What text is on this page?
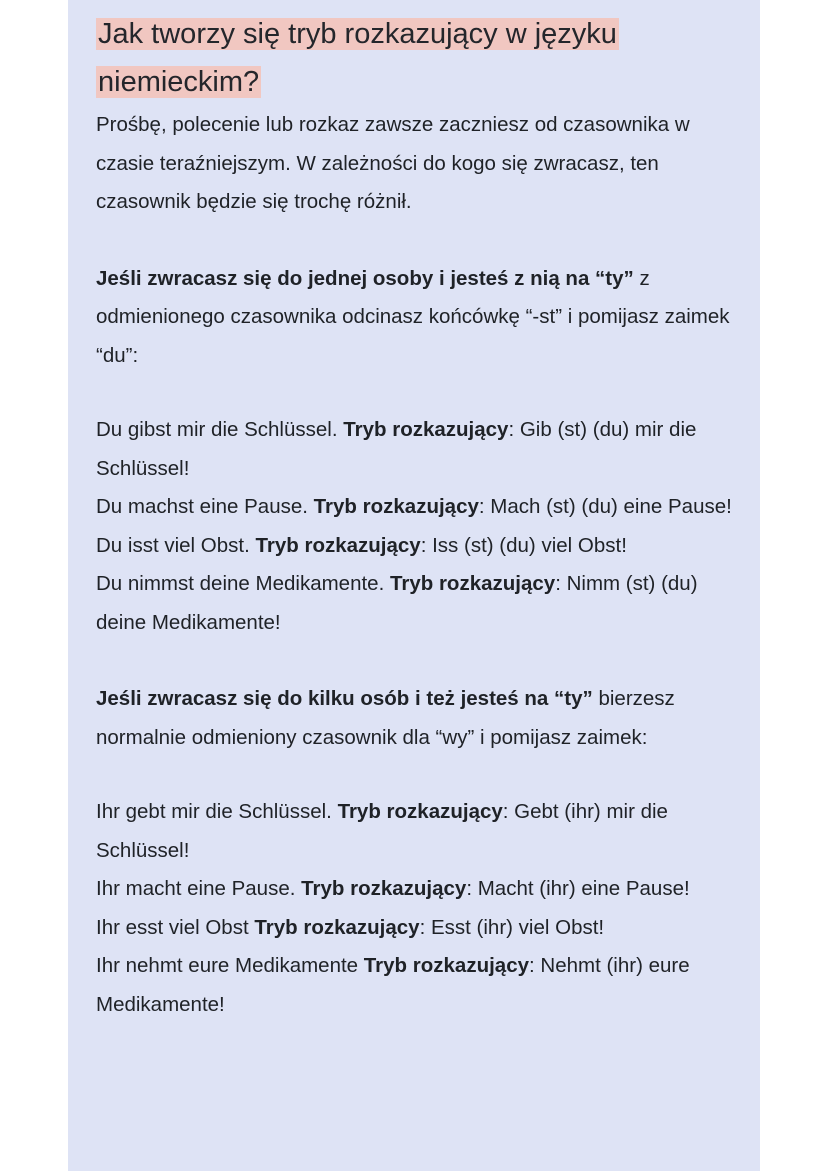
Jak tworzy się tryb rozkazujący w języku niemieckim?

Prośbę, polecenie lub rozkaz zawsze zaczniesz od czasownika w czasie teraźniejszym. W zależności do kogo się zwracasz, ten czasownik będzie się trochę różnił.

Jeśli zwracasz się do jednej osoby i jesteś z nią na “ty” z odmienionego czasownika odcinasz końcówkę “-st” i pomijasz zaimek “du”:

Du gibst mir die Schlüssel. Tryb rozkazujący: Gib (st) (du) mir die Schlüssel!
Du machst eine Pause. Tryb rozkazujący: Mach (st) (du) eine Pause!
Du isst viel Obst. Tryb rozkazujący: Iss (st) (du) viel Obst!
Du nimmst deine Medikamente. Tryb rozkazujący: Nimm (st) (du) deine Medikamente!

Jeśli zwracasz się do kilku osób i też jesteś na “ty” bierzesz normalnie odmieniony czasownik dla “wy” i pomijasz zaimek:

Ihr gebt mir die Schlüssel. Tryb rozkazujący: Gebt (ihr) mir die Schlüssel!
Ihr macht eine Pause. Tryb rozkazujący: Macht (ihr) eine Pause!
Ihr esst viel Obst Tryb rozkazujący: Esst (ihr) viel Obst!
Ihr nehmt eure Medikamente Tryb rozkazujący: Nehmt (ihr) eure Medikamente!
